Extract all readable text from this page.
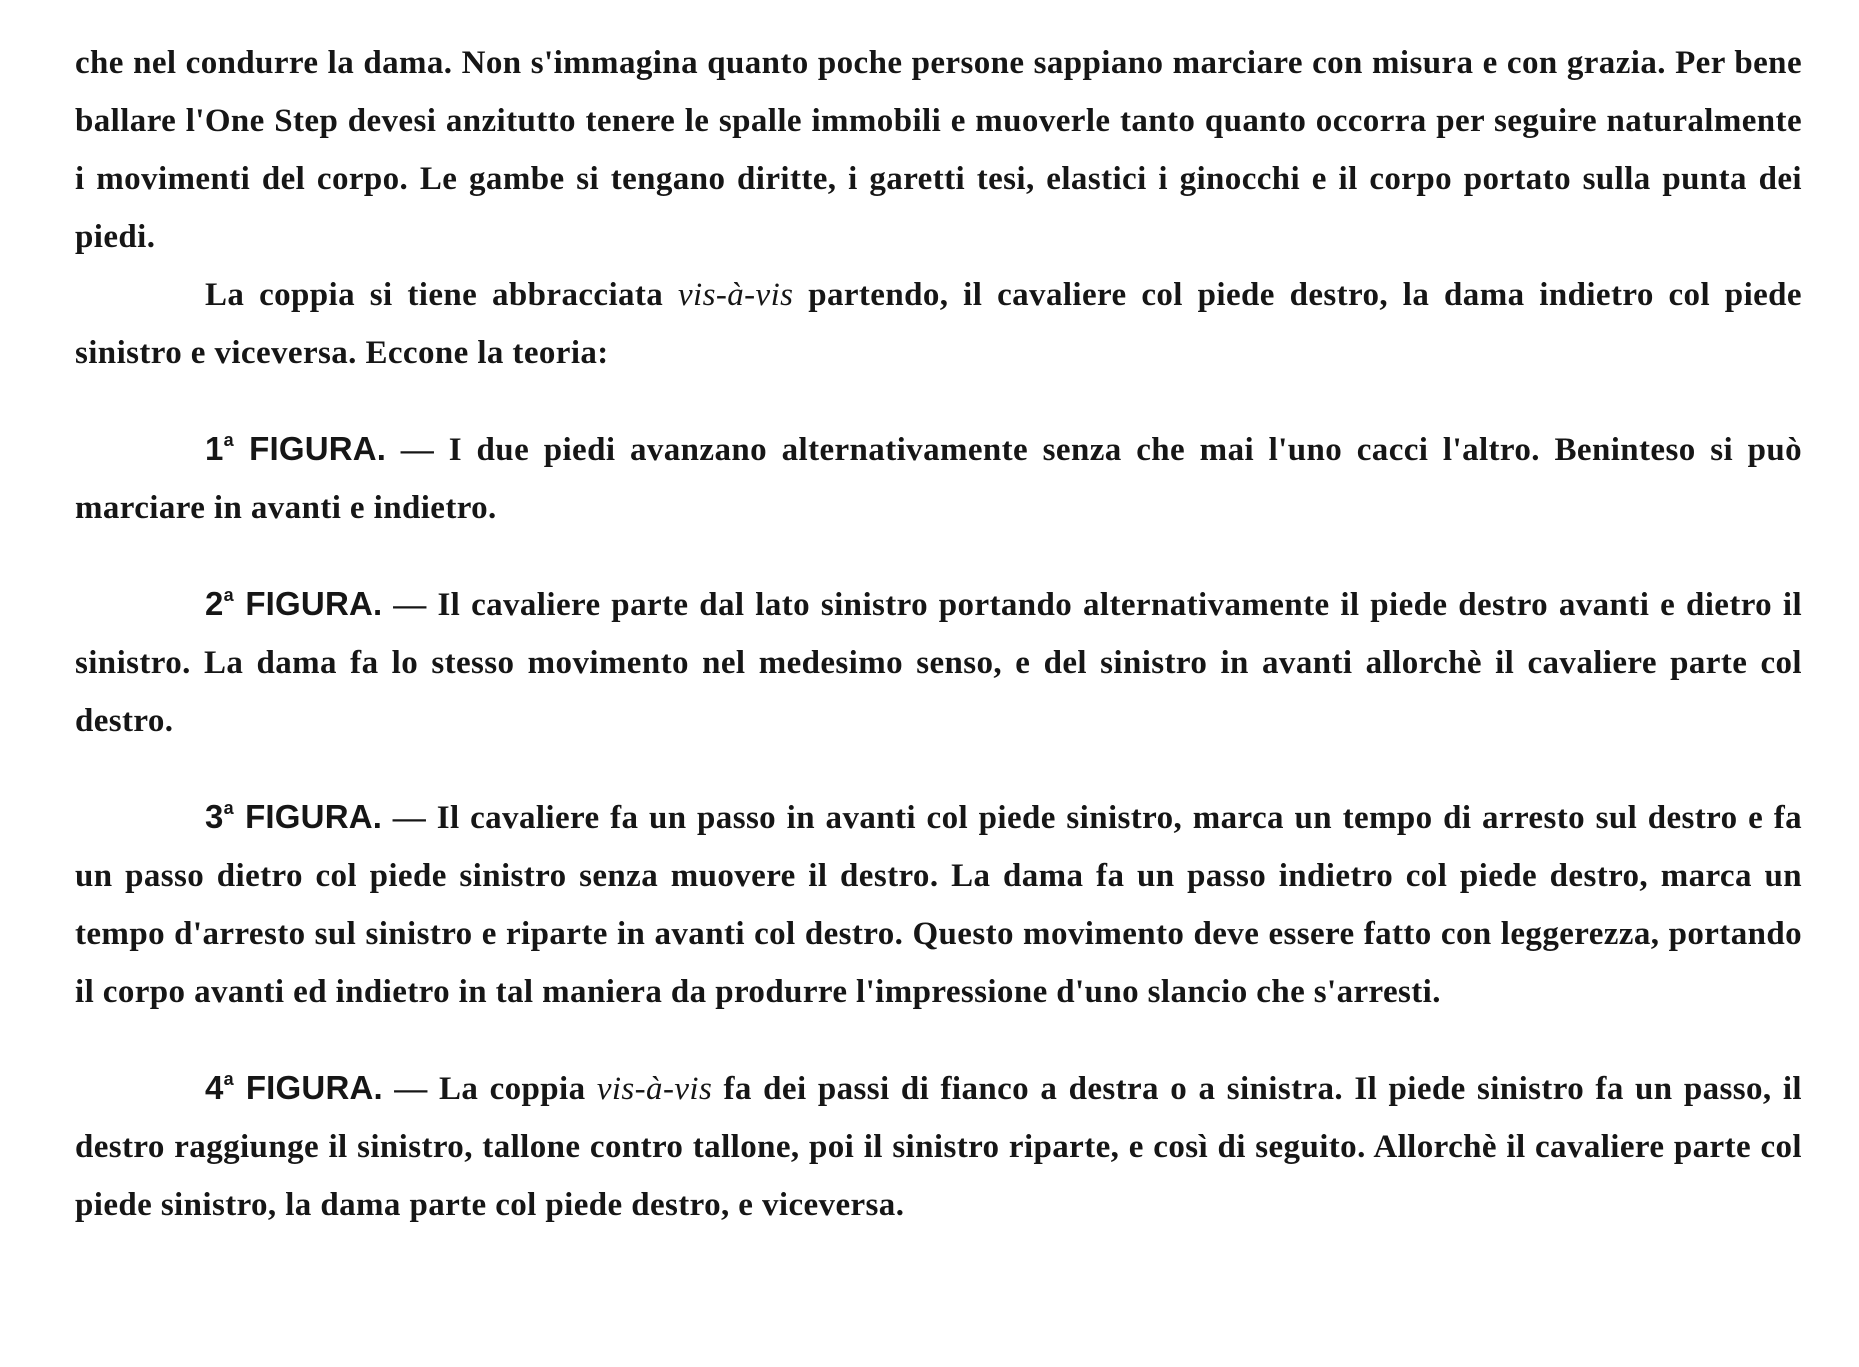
che nel condurre la dama. Non s'immagina quanto poche persone sappiano marciare con misura e con grazia. Per bene ballare l'One Step devesi anzitutto tenere le spalle immobili e muoverle tanto quanto occorra per seguire naturalmente i movimenti del corpo. Le gambe si tengano diritte, i garetti tesi, elastici i ginocchi e il corpo portato sulla punta dei piedi.

La coppia si tiene abbracciata vis-à-vis partendo, il cavaliere col piede destro, la dama indietro col piede sinistro e viceversa. Eccone la teoria:

1$^a$ FIGURA. — I due piedi avanzano alternativamente senza che mai l'uno cacci l'altro. Beninteso si può marciare in avanti e indietro.

2$^a$ FIGURA. — Il cavaliere parte dal lato sinistro portando alternativamente il piede destro avanti e dietro il sinistro. La dama fa lo stesso movimento nel medesimo senso, e del sinistro in avanti allorchè il cavaliere parte col destro.

3$^a$ FIGURA. — Il cavaliere fa un passo in avanti col piede sinistro, marca un tempo di arresto sul destro e fa un passo dietro col piede sinistro senza muovere il destro. La dama fa un passo indietro col piede destro, marca un tempo d'arresto sul sinistro e riparte in avanti col destro. Questo movimento deve essere fatto con leggerezza, portando il corpo avanti ed indietro in tal maniera da produrre l'impressione d'uno slancio che s'arresti.

4$^a$ FIGURA. — La coppia vis-à-vis fa dei passi di fianco a destra o a sinistra. Il piede sinistro fa un passo, il destro raggiunge il sinistro, tallone contro tallone, poi il sinistro riparte, e così di seguito. Allorchè il cavaliere parte col piede sinistro, la dama parte col piede destro, e viceversa.
